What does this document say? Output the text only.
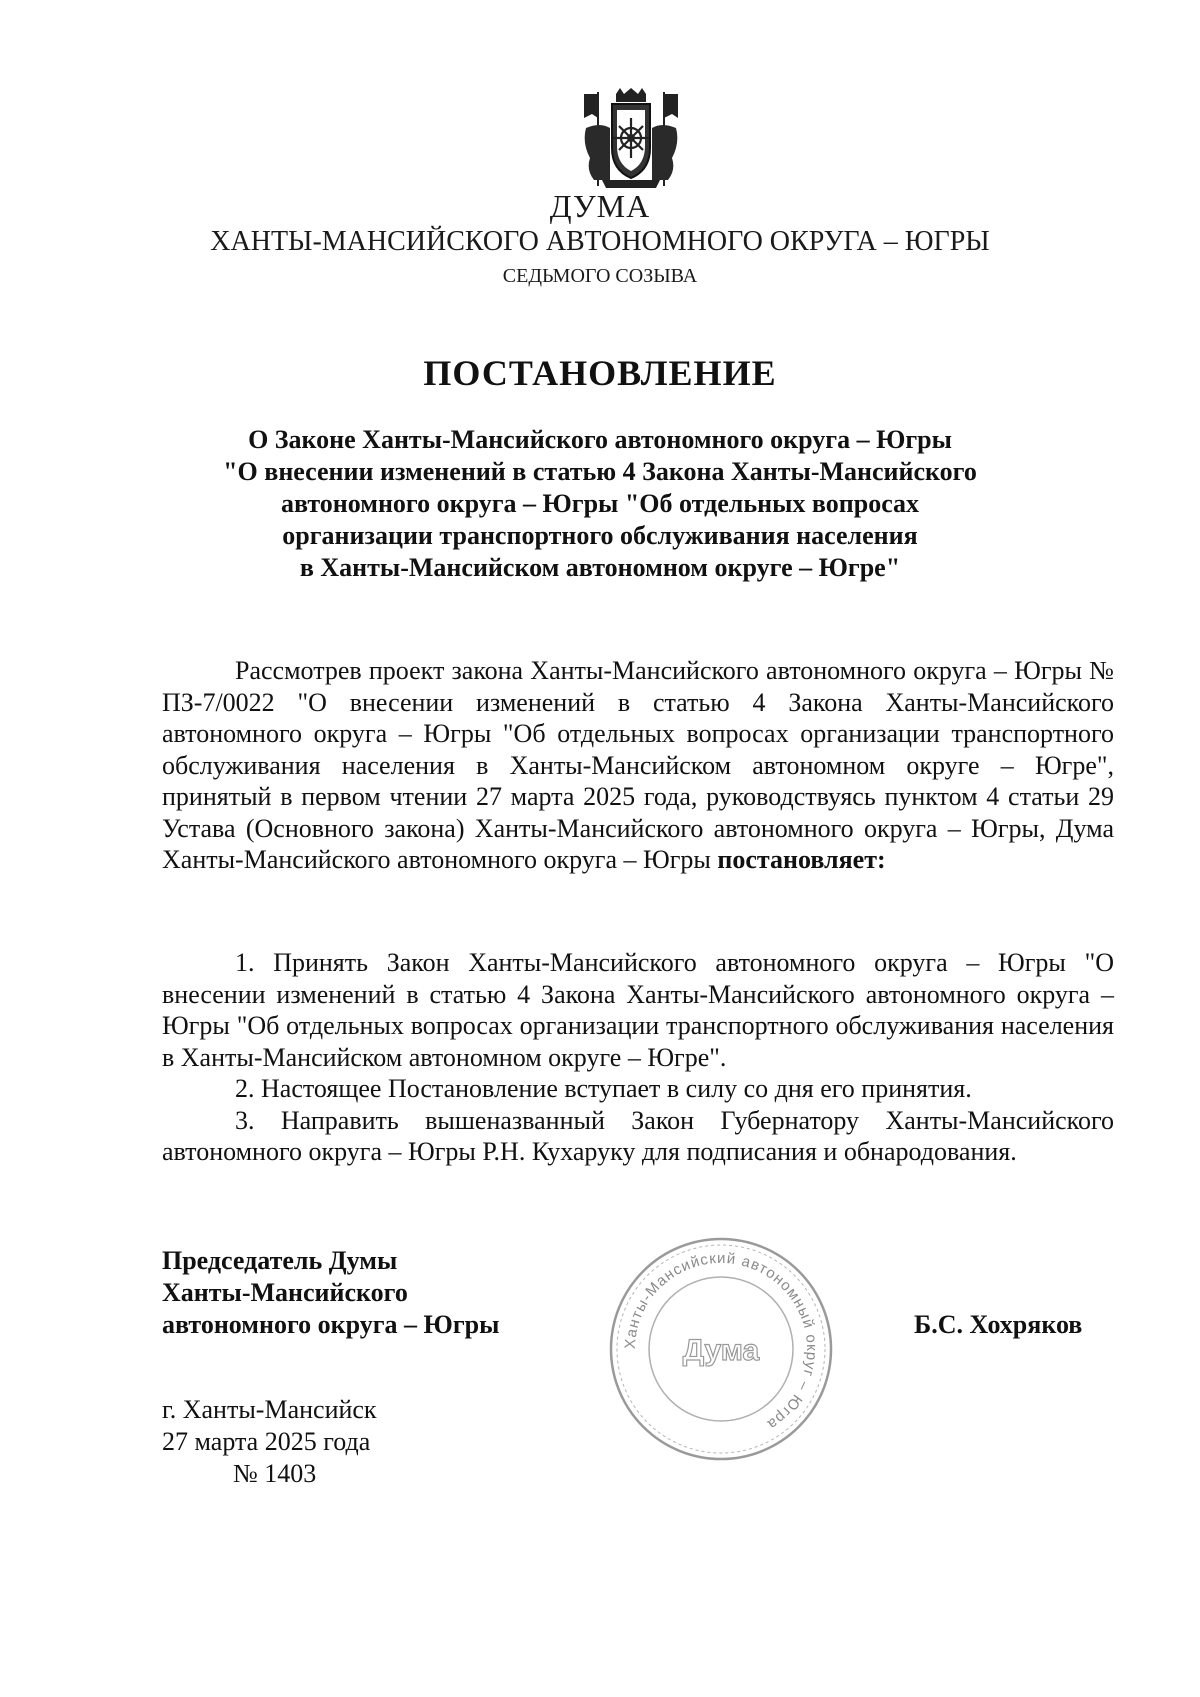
ДУМА
ХАНТЫ-МАНСИЙСКОГО АВТОНОМНОГО ОКРУГА – ЮГРЫ
СЕДЬМОГО СОЗЫВА
ПОСТАНОВЛЕНИЕ
О Законе Ханты-Мансийского автономного округа – Югры
"О внесении изменений в статью 4 Закона Ханты-Мансийского
автономного округа – Югры "Об отдельных вопросах
организации транспортного обслуживания населения
в Ханты-Мансийском автономном округе – Югре"

Рассмотрев проект закона Ханты-Мансийского автономного округа – Югры № ПЗ-7/0022 "О внесении изменений в статью 4 Закона Ханты-Мансийского автономного округа – Югры "Об отдельных вопросах организации транспортного обслуживания населения в Ханты-Мансийском автономном округе – Югре", принятый в первом чтении 27 марта 2025 года, руководствуясь пунктом 4 статьи 29 Устава (Основного закона) Ханты-Мансийского автономного округа – Югры, Дума Ханты-Мансийского автономного округа – Югры постановляет:

1. Принять Закон Ханты-Мансийского автономного округа – Югры "О внесении изменений в статью 4 Закона Ханты-Мансийского автономного округа – Югры "Об отдельных вопросах организации транспортного обслуживания населения в Ханты-Мансийском автономном округе – Югре".

2. Настоящее Постановление вступает в силу со дня его принятия.

3. Направить вышеназванный Закон Губернатору Ханты-Мансийского автономного округа – Югры Р.Н. Кухаруку для подписания и обнародования.

Председатель Думы
Ханты-Мансийского
автономного округа – Югры
Ханты-Мансийский автономный округ – Югра
Дума
Б.С. Хохряков
г. Ханты-Мансийск
27 марта 2025 года
№ 1403
